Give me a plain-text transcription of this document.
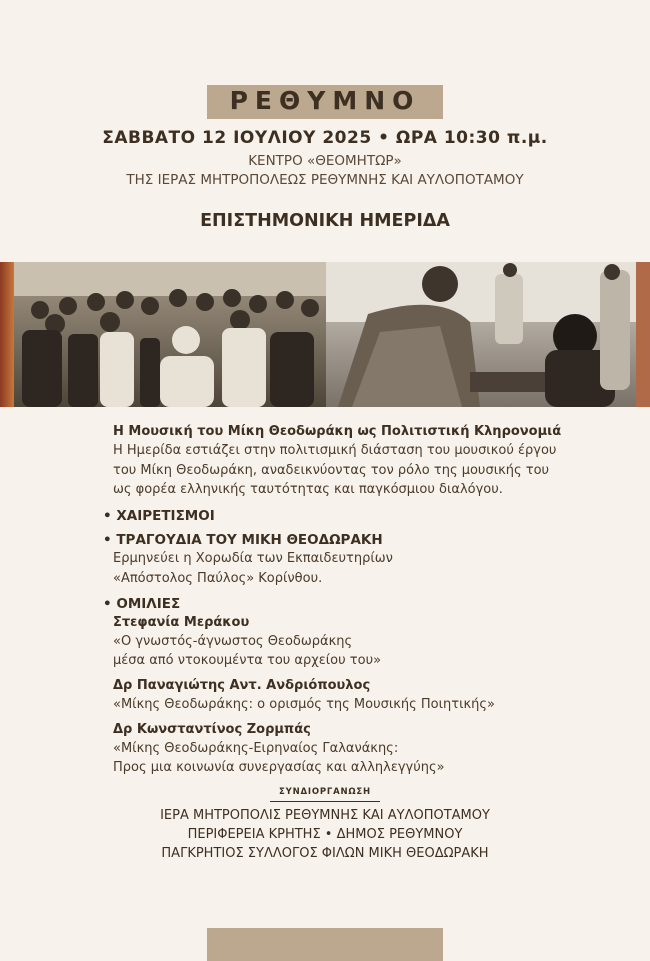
ΡΕΘΥΜΝΟ
ΣΑΒΒΑΤΟ 12 ΙΟΥΛΙΟΥ 2025 • ΩΡΑ 10:30 π.μ.
ΚΕΝΤΡΟ «ΘΕΟΜΗΤΩΡ»
ΤΗΣ ΙΕΡΑΣ ΜΗΤΡΟΠΟΛΕΩΣ ΡΕΘΥΜΝΗΣ ΚΑΙ ΑΥΛΟΠΟΤΑΜΟΥ
ΕΠΙΣΤΗΜΟΝΙΚΗ ΗΜΕΡΙΔΑ
Η Μουσική του Μίκη Θεοδωράκη ως Πολιτιστική Κληρονομιά
Η Ημερίδα εστιάζει στην πολιτισμική διάσταση του μουσικού έργου
του Μίκη Θεοδωράκη, αναδεικνύοντας τον ρόλο της μουσικής του
ως φορέα ελληνικής ταυτότητας και παγκόσμιου διαλόγου.
• ΧΑΙΡΕΤΙΣΜΟΙ
• ΤΡΑΓΟΥΔΙΑ ΤΟΥ ΜΙΚΗ ΘΕΟΔΩΡΑΚΗ
Ερμηνεύει η Χορωδία των Εκπαιδευτηρίων
«Απόστολος Παύλος» Κορίνθου.
• ΟΜΙΛΙΕΣ
Στεφανία Μεράκου
«Ο γνωστός-άγνωστος Θεοδωράκης
μέσα από ντοκουμέντα του αρχείου του»
Δρ Παναγιώτης Αντ. Ανδριόπουλος
«Μίκης Θεοδωράκης: ο ορισμός της Μουσικής Ποιητικής»
Δρ Κωνσταντίνος Ζορμπάς
«Μίκης Θεοδωράκης-Ειρηναίος Γαλανάκης:
Προς μια κοινωνία συνεργασίας και αλληλεγγύης»
ΣΥΝΔΙΟΡΓΑΝΩΣΗ
ΙΕΡΑ ΜΗΤΡΟΠΟΛΙΣ ΡΕΘΥΜΝΗΣ ΚΑΙ ΑΥΛΟΠΟΤΑΜΟΥ
ΠΕΡΙΦΕΡΕΙΑ ΚΡΗΤΗΣ • ΔΗΜΟΣ ΡΕΘΥΜΝΟΥ
ΠΑΓΚΡΗΤΙΟΣ ΣΥΛΛΟΓΟΣ ΦΙΛΩΝ ΜΙΚΗ ΘΕΟΔΩΡΑΚΗ
